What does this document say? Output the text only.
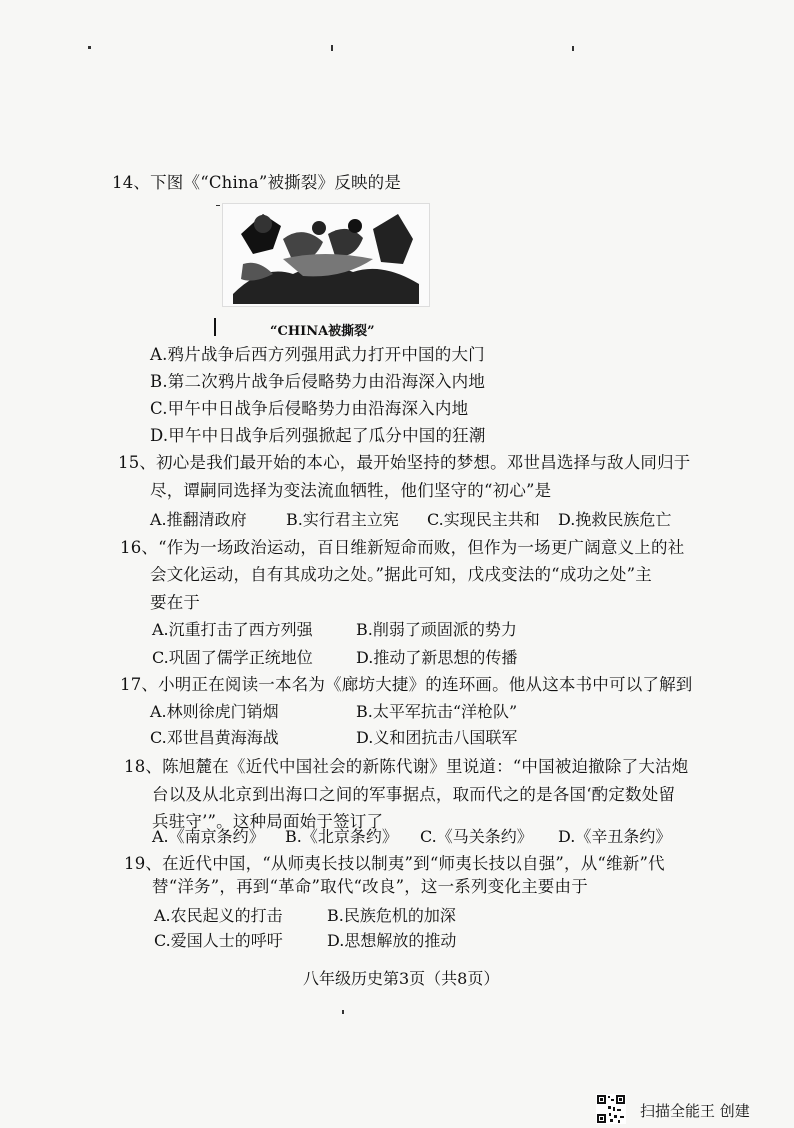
14、下图《“China”被撕裂》反映的是
“CHINA被撕裂”
A.鸦片战争后西方列强用武力打开中国的大门
B.第二次鸦片战争后侵略势力由沿海深入内地
C.甲午中日战争后侵略势力由沿海深入内地
D.甲午中日战争后列强掀起了瓜分中国的狂潮
15、初心是我们最开始的本心，最开始坚持的梦想。邓世昌选择与敌人同归于
尽，谭嗣同选择为变法流血牺牲，他们坚守的“初心”是
A.推翻清政府 B.实行君主立宪 C.实现民主共和 D.挽救民族危亡
16、“作为一场政治运动，百日维新短命而败，但作为一场更广阔意义上的社
会文化运动，自有其成功之处。”据此可知，戊戌变法的“成功之处”主
要在于
A.沉重打击了西方列强	B.削弱了顽固派的势力
C.巩固了儒学正统地位	D.推动了新思想的传播
17、小明正在阅读一本名为《廊坊大捷》的连环画。他从这本书中可以了解到
A.林则徐虎门销烟	B.太平军抗击“洋枪队”
C.邓世昌黄海海战	D.义和团抗击八国联军
18、陈旭麓在《近代中国社会的新陈代谢》里说道：“中国被迫撤除了大沽炮
台以及从北京到出海口之间的军事据点，取而代之的是各国‘酌定数处留
兵驻守’”。这种局面始于签订了
A.《南京条约》 B.《北京条约》 C.《马关条约》 D.《辛丑条约》
19、在近代中国，“从师夷长技以制夷”到“师夷长技以自强”，从“维新”代
替“洋务”，再到“革命”取代“改良”，这一系列变化主要由于
A.农民起义的打击	B.民族危机的加深
C.爱国人士的呼吁	D.思想解放的推动
八年级历史第3页（共8页）
扫描全能王 创建
